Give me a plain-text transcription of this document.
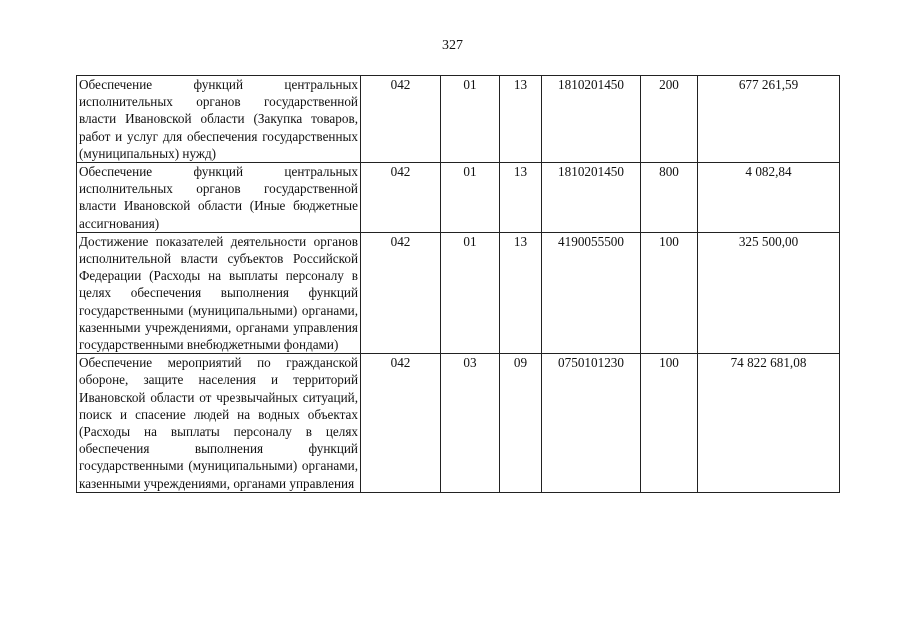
327
Обеспечение функций центральных исполнительных органов государственной власти Ивановской области (Закупка товаров, работ и услуг для обеспечения государственных (муниципальных) нужд)	042	01	13	1810201450	200	677 261,59
Обеспечение функций центральных исполнительных органов государственной власти Ивановской области (Иные бюджетные ассигнования)	042	01	13	1810201450	800	4 082,84
Достижение показателей деятельности органов исполнительной власти субъектов Российской Федерации (Расходы на выплаты персоналу в целях обеспечения выполнения функций государственными (муниципальными) органами, казенными учреждениями, органами управления государственными внебюджетными фондами)	042	01	13	4190055500	100	325 500,00
Обеспечение мероприятий по гражданской обороне, защите населения и территорий Ивановской области от чрезвычайных ситуаций, поиск и спасение людей на водных объектах (Расходы на выплаты персоналу в целях обеспечения выполнения функций государственными (муниципальными) органами, казенными учреждениями, органами управления	042	03	09	0750101230	100	74 822 681,08
